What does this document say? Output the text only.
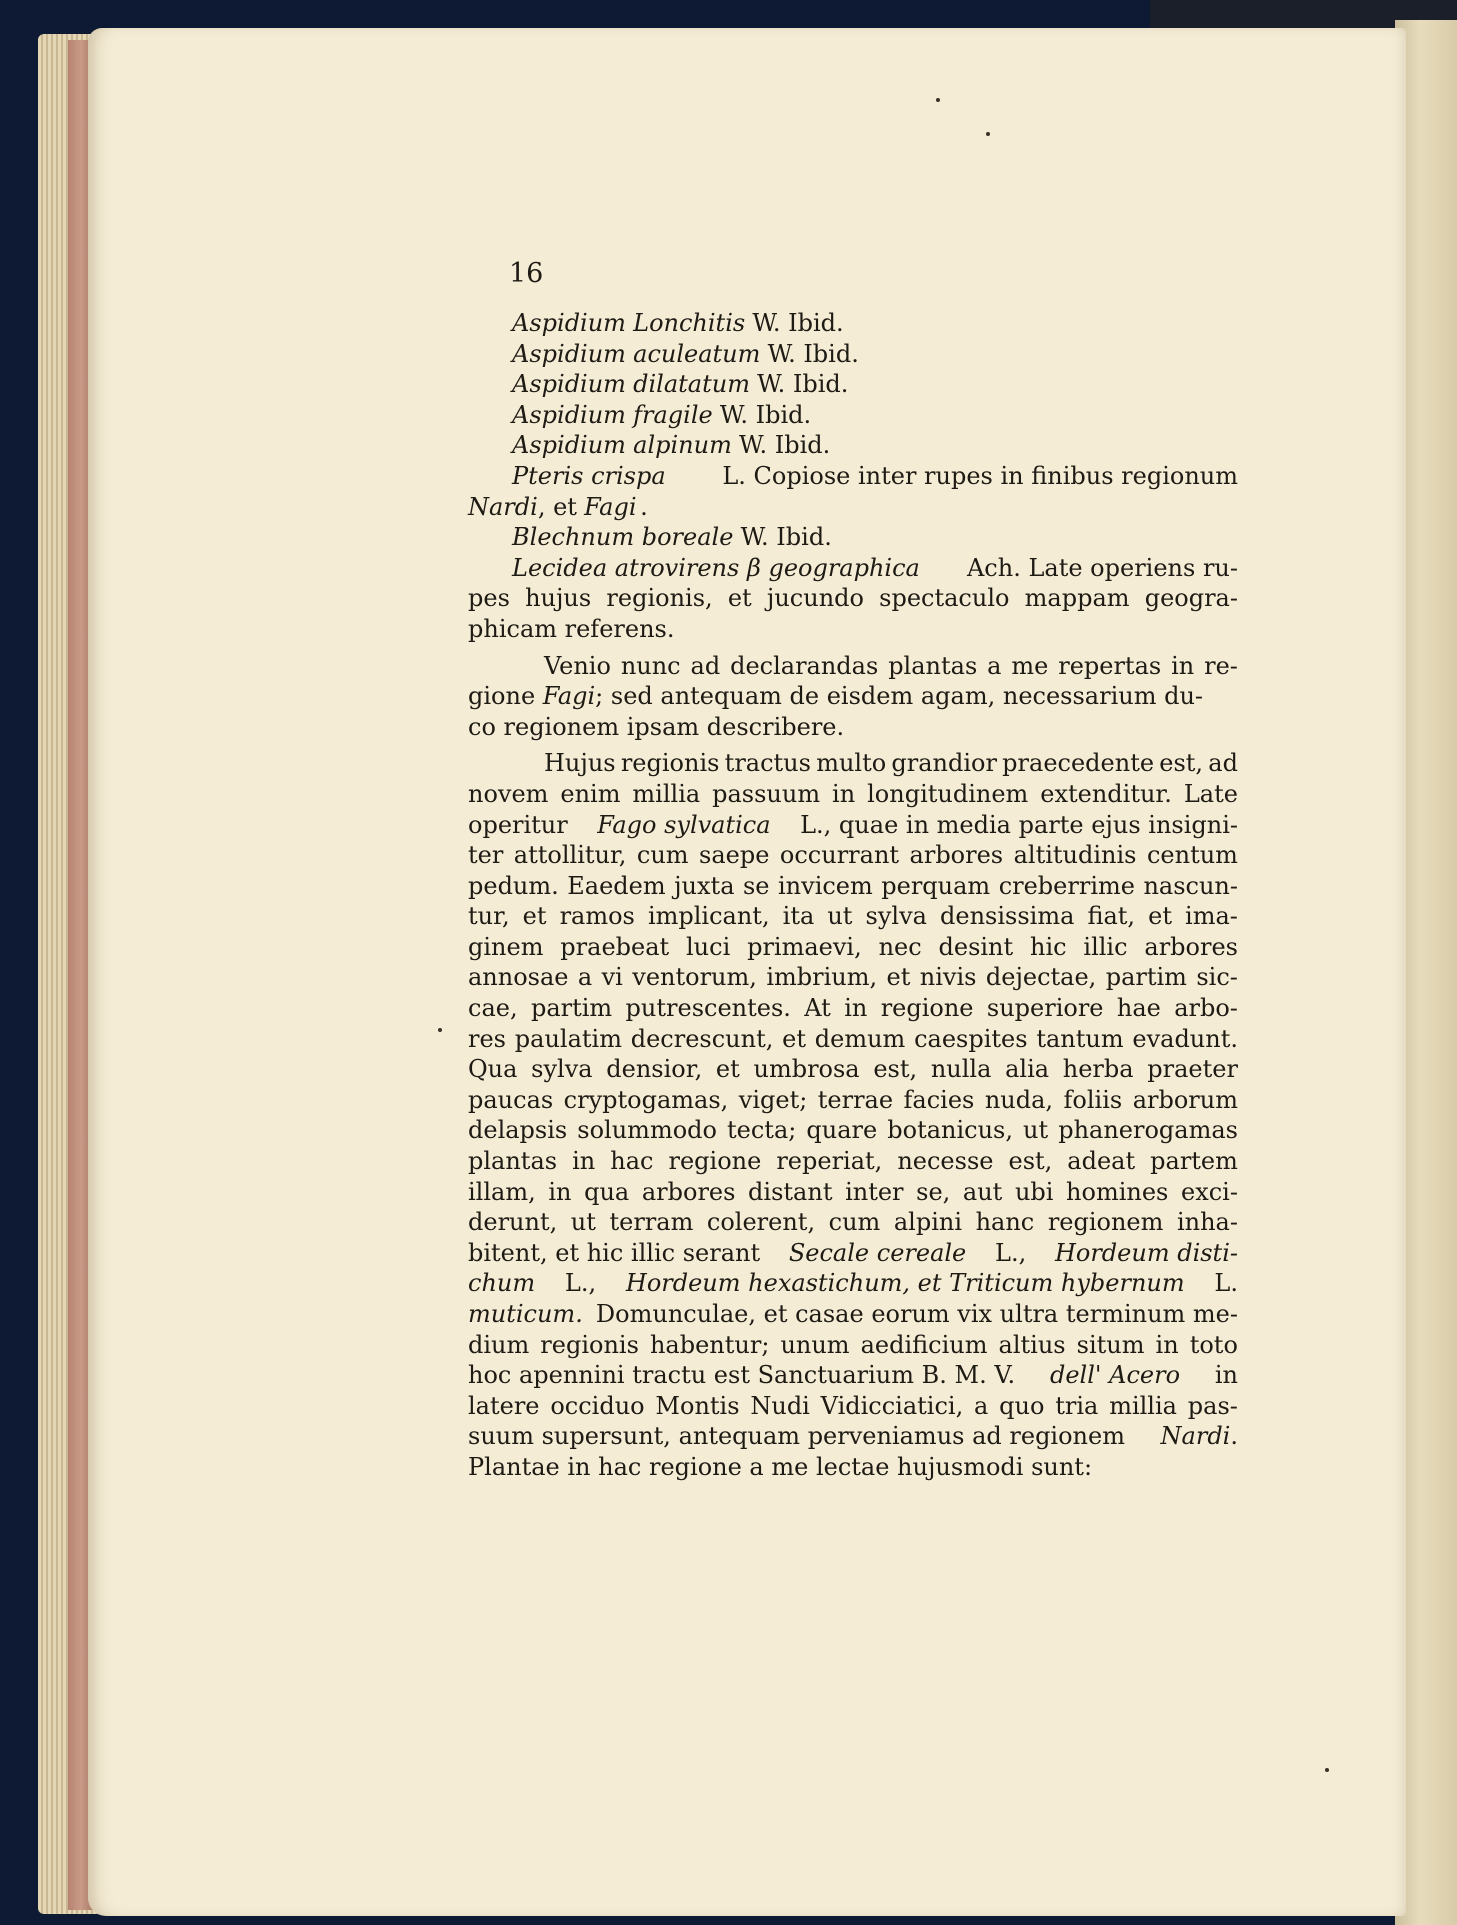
16
Aspidium Lonchitis W. Ibid.
Aspidium aculeatum W. Ibid.
Aspidium dilatatum W. Ibid.
Aspidium fragile W. Ibid.
Aspidium alpinum W. Ibid.
Pteris crispa L. Copiose inter rupes in finibus regionum
Nardi , et Fagi .
Blechnum boreale W. Ibid.
Lecidea atrovirens β geographica Ach. Late operiens ru-
pes hujus regionis, et jucundo spectaculo mappam geogra-
phicam referens.
Venio nunc ad declarandas plantas a me repertas in re-
gione Fagi; sed antequam de eisdem agam, necessarium du-
co regionem ipsam describere.
Hujus regionis tractus multo grandior praecedente est, ad
novem enim millia passuum in longitudinem extenditur. Late
operitur Fago sylvatica L., quae in media parte ejus insigni-
ter attollitur, cum saepe occurrant arbores altitudinis centum
pedum. Eaedem juxta se invicem perquam creberrime nascun-
tur, et ramos implicant, ita ut sylva densissima fiat, et ima-
ginem praebeat luci primaevi, nec desint hic illic arbores
annosae a vi ventorum, imbrium, et nivis dejectae, partim sic-
cae, partim putrescentes. At in regione superiore hae arbo-
res paulatim decrescunt, et demum caespites tantum evadunt.
Qua sylva densior, et umbrosa est, nulla alia herba praeter
paucas cryptogamas, viget; terrae facies nuda, foliis arborum
delapsis solummodo tecta; quare botanicus, ut phanerogamas
plantas in hac regione reperiat, necesse est, adeat partem
illam, in qua arbores distant inter se, aut ubi homines exci-
derunt, ut terram colerent, cum alpini hanc regionem inha-
bitent, et hic illic serant Secale cereale L., Hordeum disti-
chum L., Hordeum hexastichum, et Triticum hybernum L.
muticum. Domunculae, et casae eorum vix ultra terminum me-
dium regionis habentur; unum aedificium altius situm in toto
hoc apennini tractu est Sanctuarium B. M. V. dell' Acero in
latere occiduo Montis Nudi Vidicciatici, a quo tria millia pas-
suum supersunt, antequam perveniamus ad regionem Nardi.
Plantae in hac regione a me lectae hujusmodi sunt:
